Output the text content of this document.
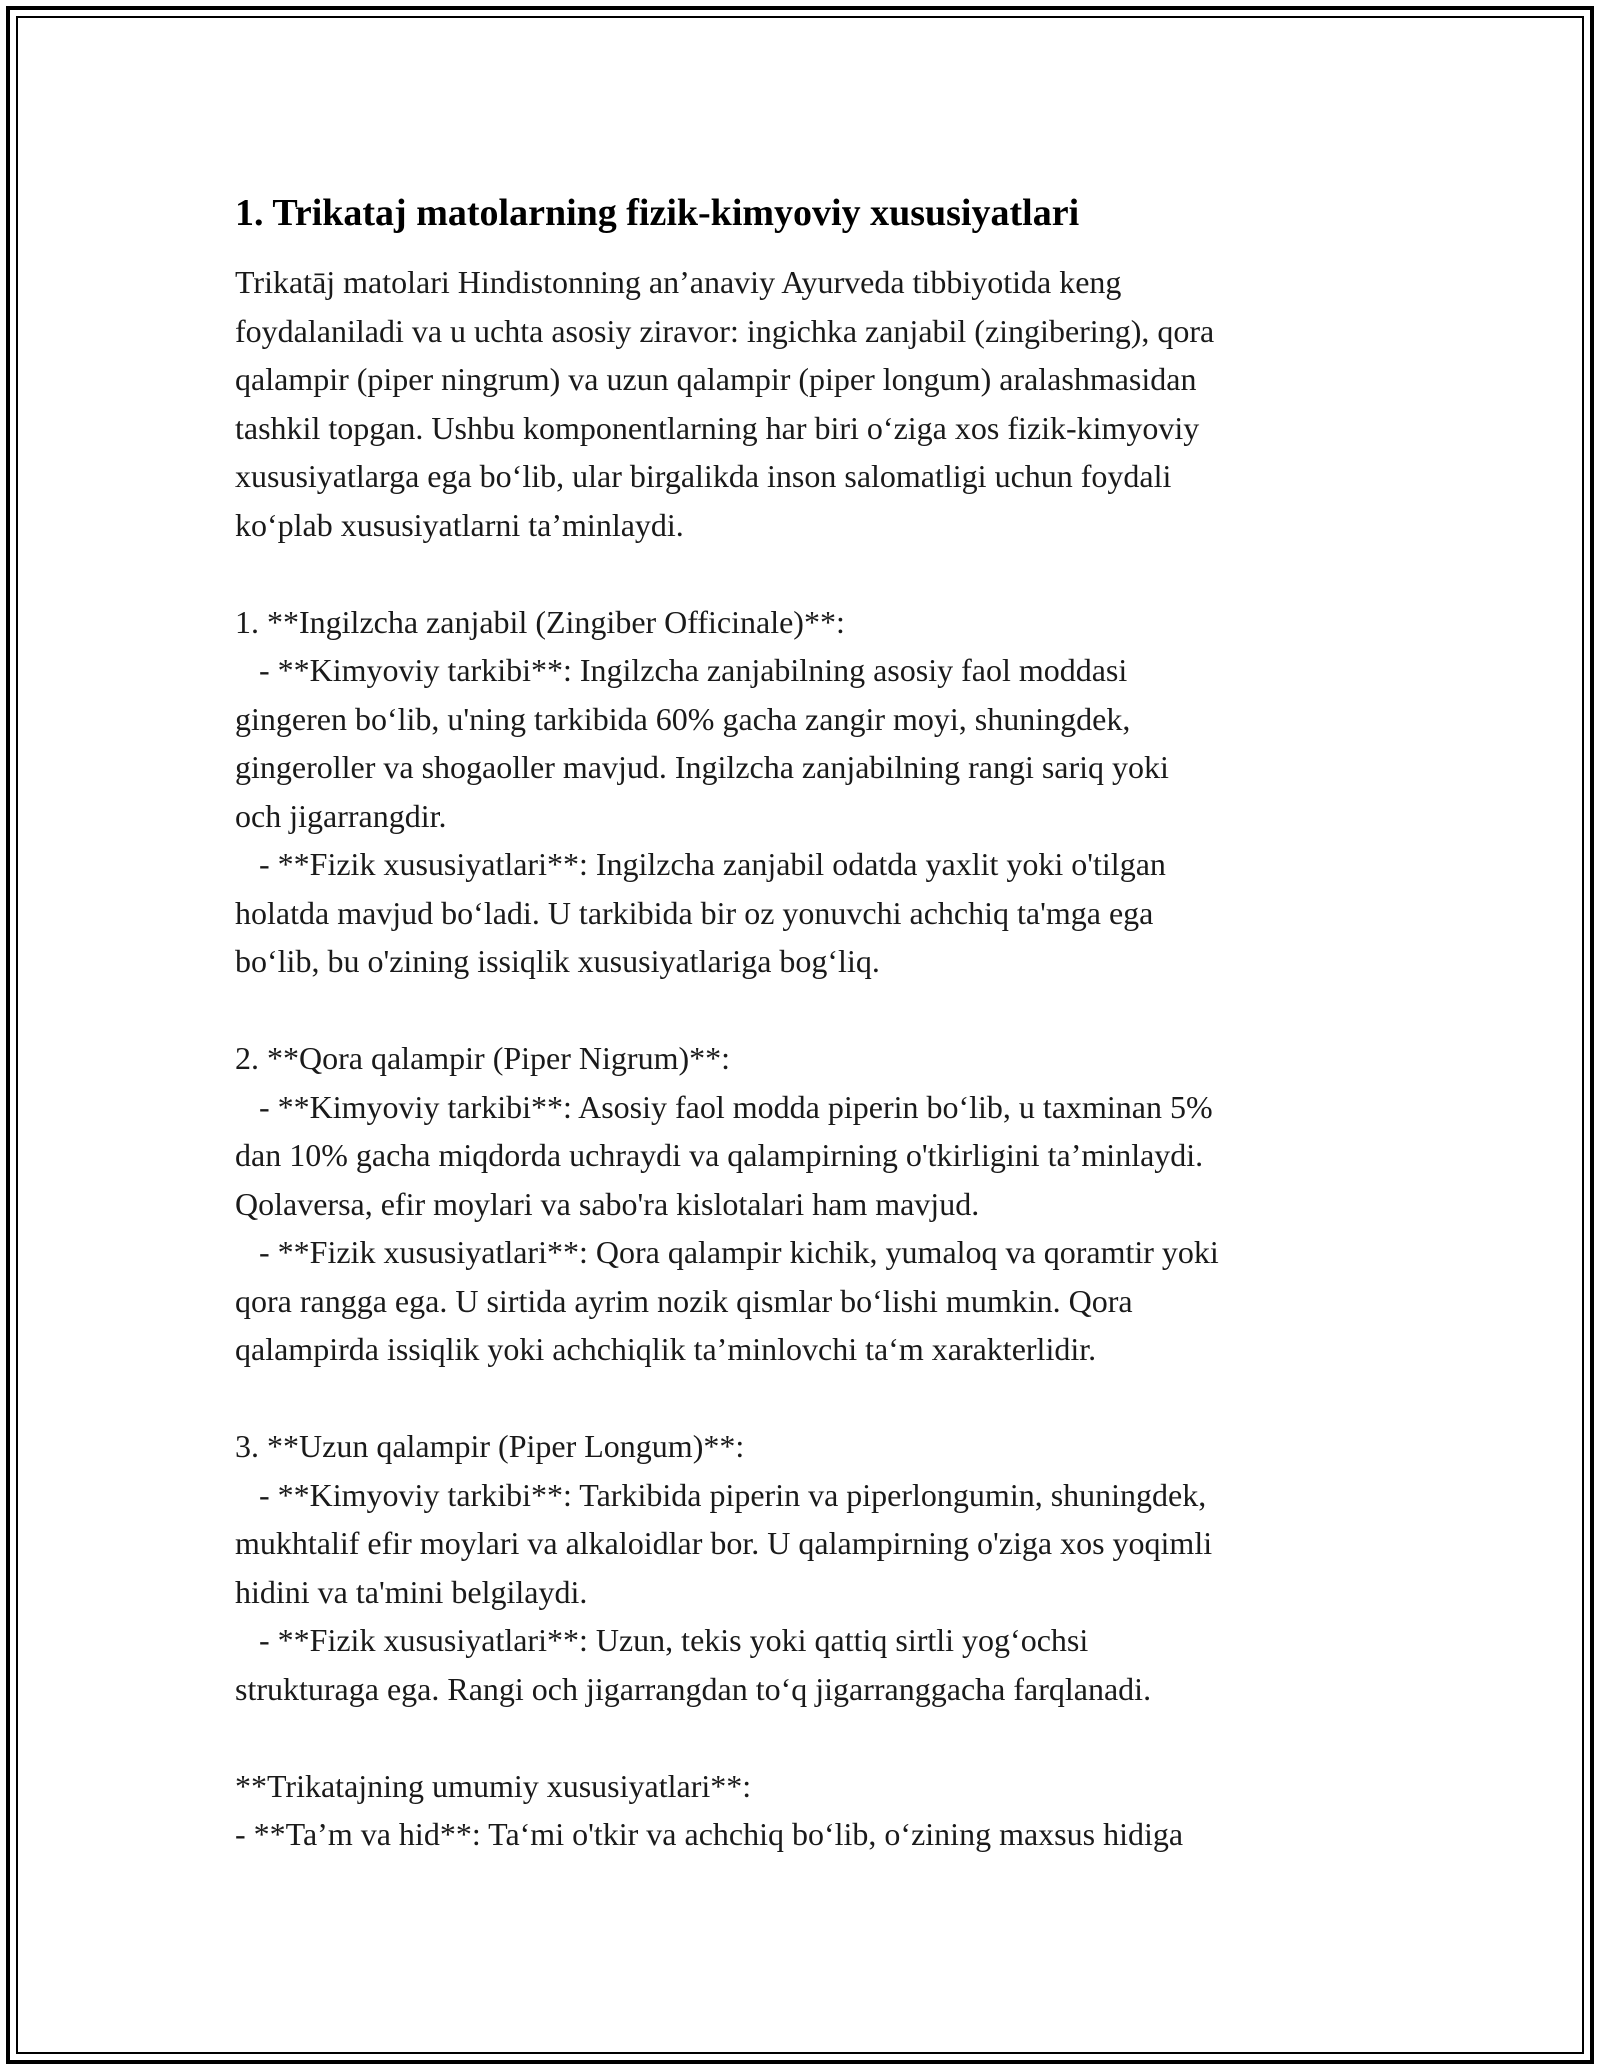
1. Trikataj matolarning fizik-kimyoviy xususiyatlari

Trikatāj matolari Hindistonning an’anaviy Ayurveda tibbiyotida keng
foydalaniladi va u uchta asosiy ziravor: ingichka zanjabil (zingibering), qora
qalampir (piper ningrum) va uzun qalampir (piper longum) aralashmasidan
tashkil topgan. Ushbu komponentlarning har biri o‘ziga xos fizik-kimyoviy
xususiyatlarga ega bo‘lib, ular birgalikda inson salomatligi uchun foydali
ko‘plab xususiyatlarni ta’minlaydi.

1. **Ingilzcha zanjabil (Zingiber Officinale)**:
- **Kimyoviy tarkibi**: Ingilzcha zanjabilning asosiy faol moddasi
gingeren bo‘lib, u'ning tarkibida 60% gacha zangir moyi, shuningdek,
gingeroller va shogaoller mavjud. Ingilzcha zanjabilning rangi sariq yoki
och jigarrangdir.
- **Fizik xususiyatlari**: Ingilzcha zanjabil odatda yaxlit yoki o'tilgan
holatda mavjud bo‘ladi. U tarkibida bir oz yonuvchi achchiq ta'mga ega
bo‘lib, bu o'zining issiqlik xususiyatlariga bog‘liq.

2. **Qora qalampir (Piper Nigrum)**:
- **Kimyoviy tarkibi**: Asosiy faol modda piperin bo‘lib, u taxminan 5%
dan 10% gacha miqdorda uchraydi va qalampirning o'tkirligini ta’minlaydi.
Qolaversa, efir moylari va sabo'ra kislotalari ham mavjud.
- **Fizik xususiyatlari**: Qora qalampir kichik, yumaloq va qoramtir yoki
qora rangga ega. U sirtida ayrim nozik qismlar bo‘lishi mumkin. Qora
qalampirda issiqlik yoki achchiqlik ta’minlovchi ta‘m xarakterlidir.

3. **Uzun qalampir (Piper Longum)**:
- **Kimyoviy tarkibi**: Tarkibida piperin va piperlongumin, shuningdek,
mukhtalif efir moylari va alkaloidlar bor. U qalampirning o'ziga xos yoqimli
hidini va ta'mini belgilaydi.
- **Fizik xususiyatlari**: Uzun, tekis yoki qattiq sirtli yog‘ochsi
strukturaga ega. Rangi och jigarrangdan to‘q jigarranggacha farqlanadi.

**Trikatajning umumiy xususiyatlari**:
- **Ta’m va hid**: Ta‘mi o'tkir va achchiq bo‘lib, o‘zining maxsus hidiga
